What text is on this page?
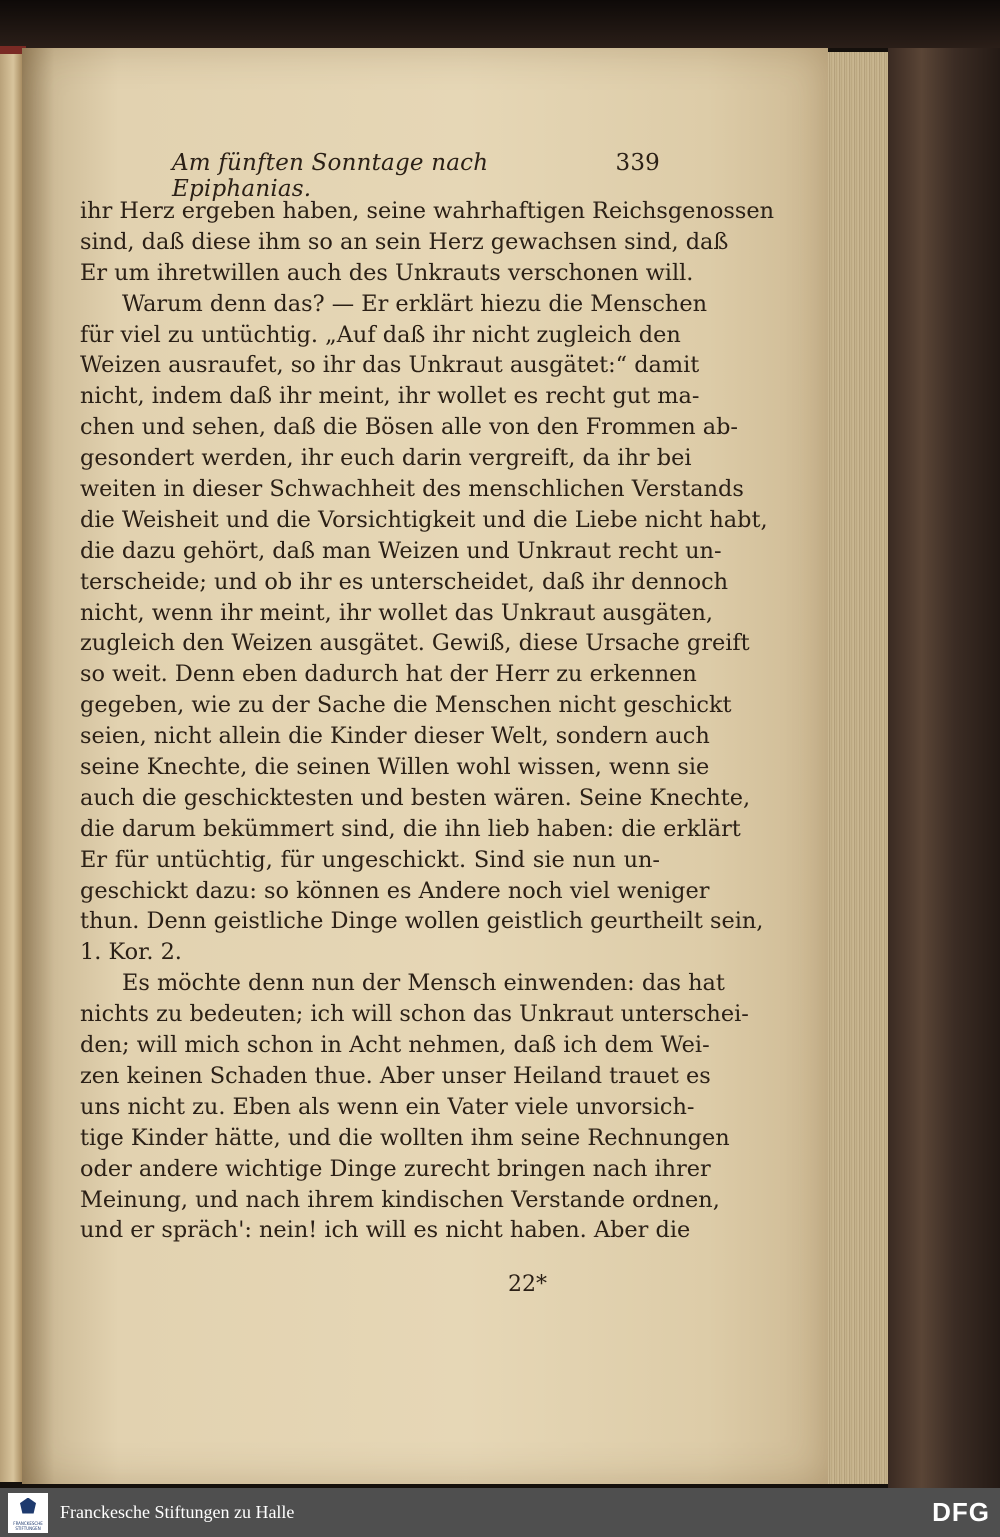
Am fünften Sonntage nach Epiphanias.
339
ihr Herz ergeben haben, seine wahrhaftigen Reichsgenossen
sind, daß diese ihm so an sein Herz gewachsen sind, daß
Er um ihretwillen auch des Unkrauts verschonen will.
Warum denn das? — Er erklärt hiezu die Menschen
für viel zu untüchtig. „Auf daß ihr nicht zugleich den
Weizen ausraufet, so ihr das Unkraut ausgätet:“ damit
nicht, indem daß ihr meint, ihr wollet es recht gut ma-
chen und sehen, daß die Bösen alle von den Frommen ab-
gesondert werden, ihr euch darin vergreift, da ihr bei
weiten in dieser Schwachheit des menschlichen Verstands
die Weisheit und die Vorsichtigkeit und die Liebe nicht habt,
die dazu gehört, daß man Weizen und Unkraut recht un-
terscheide; und ob ihr es unterscheidet, daß ihr dennoch
nicht, wenn ihr meint, ihr wollet das Unkraut ausgäten,
zugleich den Weizen ausgätet. Gewiß, diese Ursache greift
so weit. Denn eben dadurch hat der Herr zu erkennen
gegeben, wie zu der Sache die Menschen nicht geschickt
seien, nicht allein die Kinder dieser Welt, sondern auch
seine Knechte, die seinen Willen wohl wissen, wenn sie
auch die geschicktesten und besten wären. Seine Knechte,
die darum bekümmert sind, die ihn lieb haben: die erklärt
Er für untüchtig, für ungeschickt. Sind sie nun un-
geschickt dazu: so können es Andere noch viel weniger
thun. Denn geistliche Dinge wollen geistlich geurtheilt sein,
1. Kor. 2.
Es möchte denn nun der Mensch einwenden: das hat
nichts zu bedeuten; ich will schon das Unkraut unterschei-
den; will mich schon in Acht nehmen, daß ich dem Wei-
zen keinen Schaden thue. Aber unser Heiland trauet es
uns nicht zu. Eben als wenn ein Vater viele unvorsich-
tige Kinder hätte, und die wollten ihm seine Rechnungen
oder andere wichtige Dinge zurecht bringen nach ihrer
Meinung, und nach ihrem kindischen Verstande ordnen,
und er spräch': nein! ich will es nicht haben. Aber die
22*
FRANCKESCHE STIFTUNGEN
Franckesche Stiftungen zu Halle	DFG
